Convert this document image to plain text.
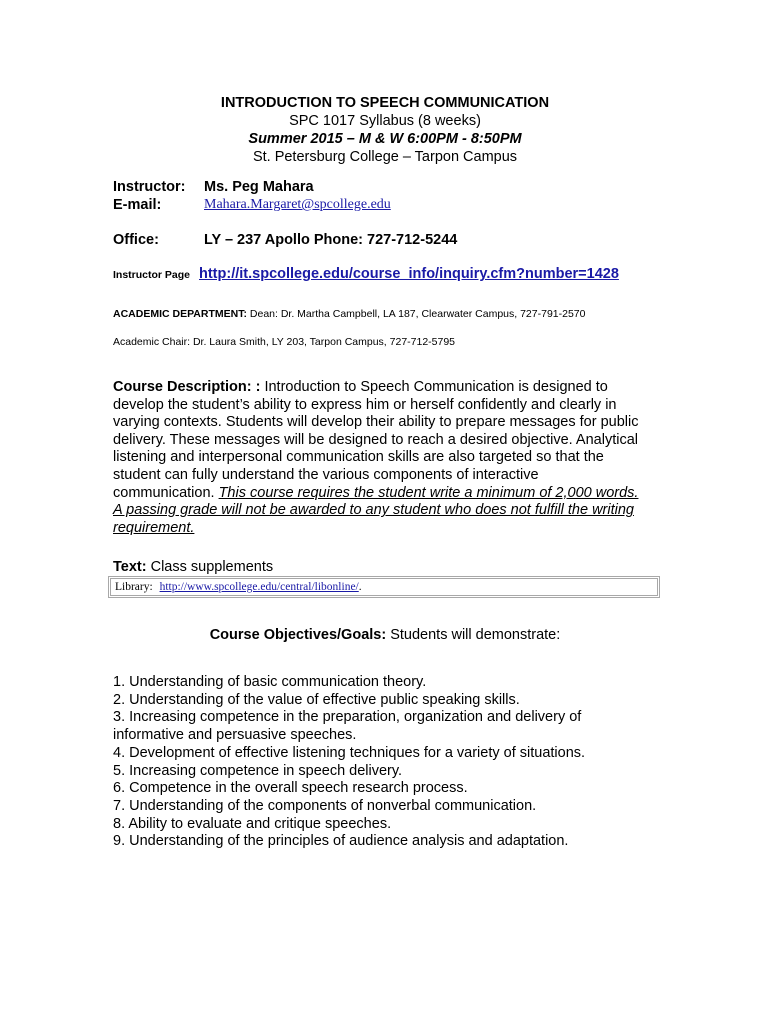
INTRODUCTION TO SPEECH COMMUNICATION

SPC 1017 Syllabus (8 weeks)

Summer 2015 – M & W 6:00PM - 8:50PM

St. Petersburg College – Tarpon Campus

Instructor: Ms. Peg Mahara

E-mail:	Mahara.Margaret@spcollege.edu

Office:	LY – 237 Apollo Phone: 727-712-5244

Instructor Page http://it.spcollege.edu/course_info/inquiry.cfm?number=1428

ACADEMIC DEPARTMENT: Dean: Dr. Martha Campbell, LA 187, Clearwater Campus, 727-791-2570

Academic Chair: Dr. Laura Smith, LY 203, Tarpon Campus, 727-712-5795

Course Description: : Introduction to Speech Communication is designed to develop the student’s ability to express him or herself confidently and clearly in varying contexts. Students will develop their ability to prepare messages for public delivery. These messages will be designed to reach a desired objective. Analytical listening and interpersonal communication skills are also targeted so that the student can fully understand the various components of interactive communication. This course requires the student write a minimum of 2,000 words. A passing grade will not be awarded to any student who does not fulfill the writing requirement.

Text: Class supplements

Library: http://www.spcollege.edu/central/libonline/.

Course Objectives/Goals: Students will demonstrate:

1. Understanding of basic communication theory.
2. Understanding of the value of effective public speaking skills.
3. Increasing competence in the preparation, organization and delivery of informative and persuasive speeches.
4. Development of effective listening techniques for a variety of situations.
5. Increasing competence in speech delivery.
6. Competence in the overall speech research process.
7. Understanding of the components of nonverbal communication.
8. Ability to evaluate and critique speeches.
9. Understanding of the principles of audience analysis and adaptation.
